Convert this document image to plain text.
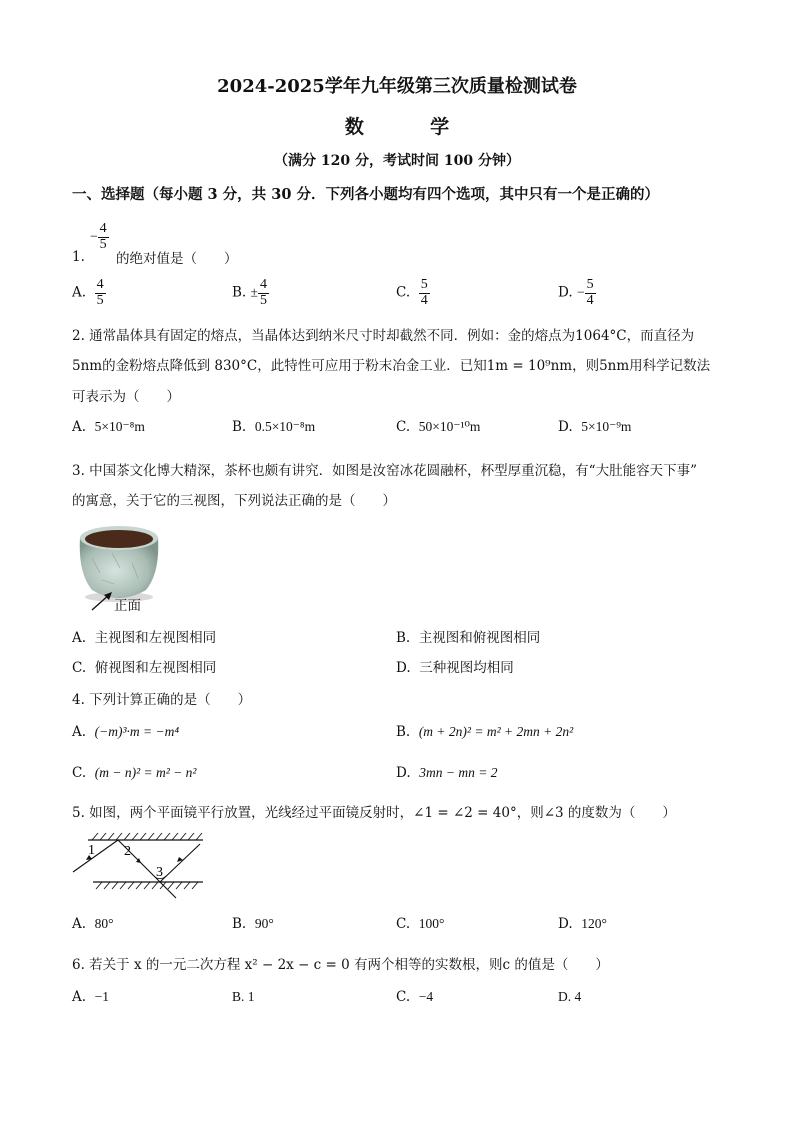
2024-2025学年九年级第三次质量检测试卷
数          学
（满分 120 分，考试时间 100 分钟）
一、选择题（每小题 3 分，共 30 分．下列各小题均有四个选项，其中只有一个是正确的）
− $\frac{4}{5}$
1. 的绝对值是（　　）
A. $\frac{4}{5}$	B. ± $\frac{4}{5}$	C. $\frac{5}{4}$	D. − $\frac{5}{4}$
2. 通常晶体具有固定的熔点，当晶体达到纳米尺寸时却截然不同．例如：金的熔点为1064°C，而直径为
5nm的金粉熔点降低到 830°C，此特性可应用于粉末冶金工业．已知1m = 10⁹nm，则5nm用科学记数法
可表示为（　　）
A. 5×10⁻⁸m	B. 0.5×10⁻⁸m	C. 50×10⁻¹⁰m	D. 5×10⁻⁹m
3. 中国茶文化博大精深，茶杯也颇有讲究．如图是汝窑冰花圆融杯，杯型厚重沉稳，有“大肚能容天下事”
的寓意，关于它的三视图，下列说法正确的是（　　）
正面
A. 主视图和左视图相同	B. 主视图和俯视图相同
C. 俯视图和左视图相同	D. 三种视图均相同
4. 下列计算正确的是（　　）
A. (−m)³·m = −m⁴	B. (m + 2n)² = m² + 2mn + 2n²
C. (m − n)² = m² − n²	D. 3mn − mn = 2
5. 如图，两个平面镜平行放置，光线经过平面镜反射时，∠1 = ∠2 = 40°，则∠3 的度数为（　　）
1 2
3
A. 80°	B. 90°	C. 100°	D. 120°
6. 若关于 x 的一元二次方程 x² − 2x − c = 0 有两个相等的实数根，则c 的值是（　　）
A. −1	B. 1	C. −4	D. 4
